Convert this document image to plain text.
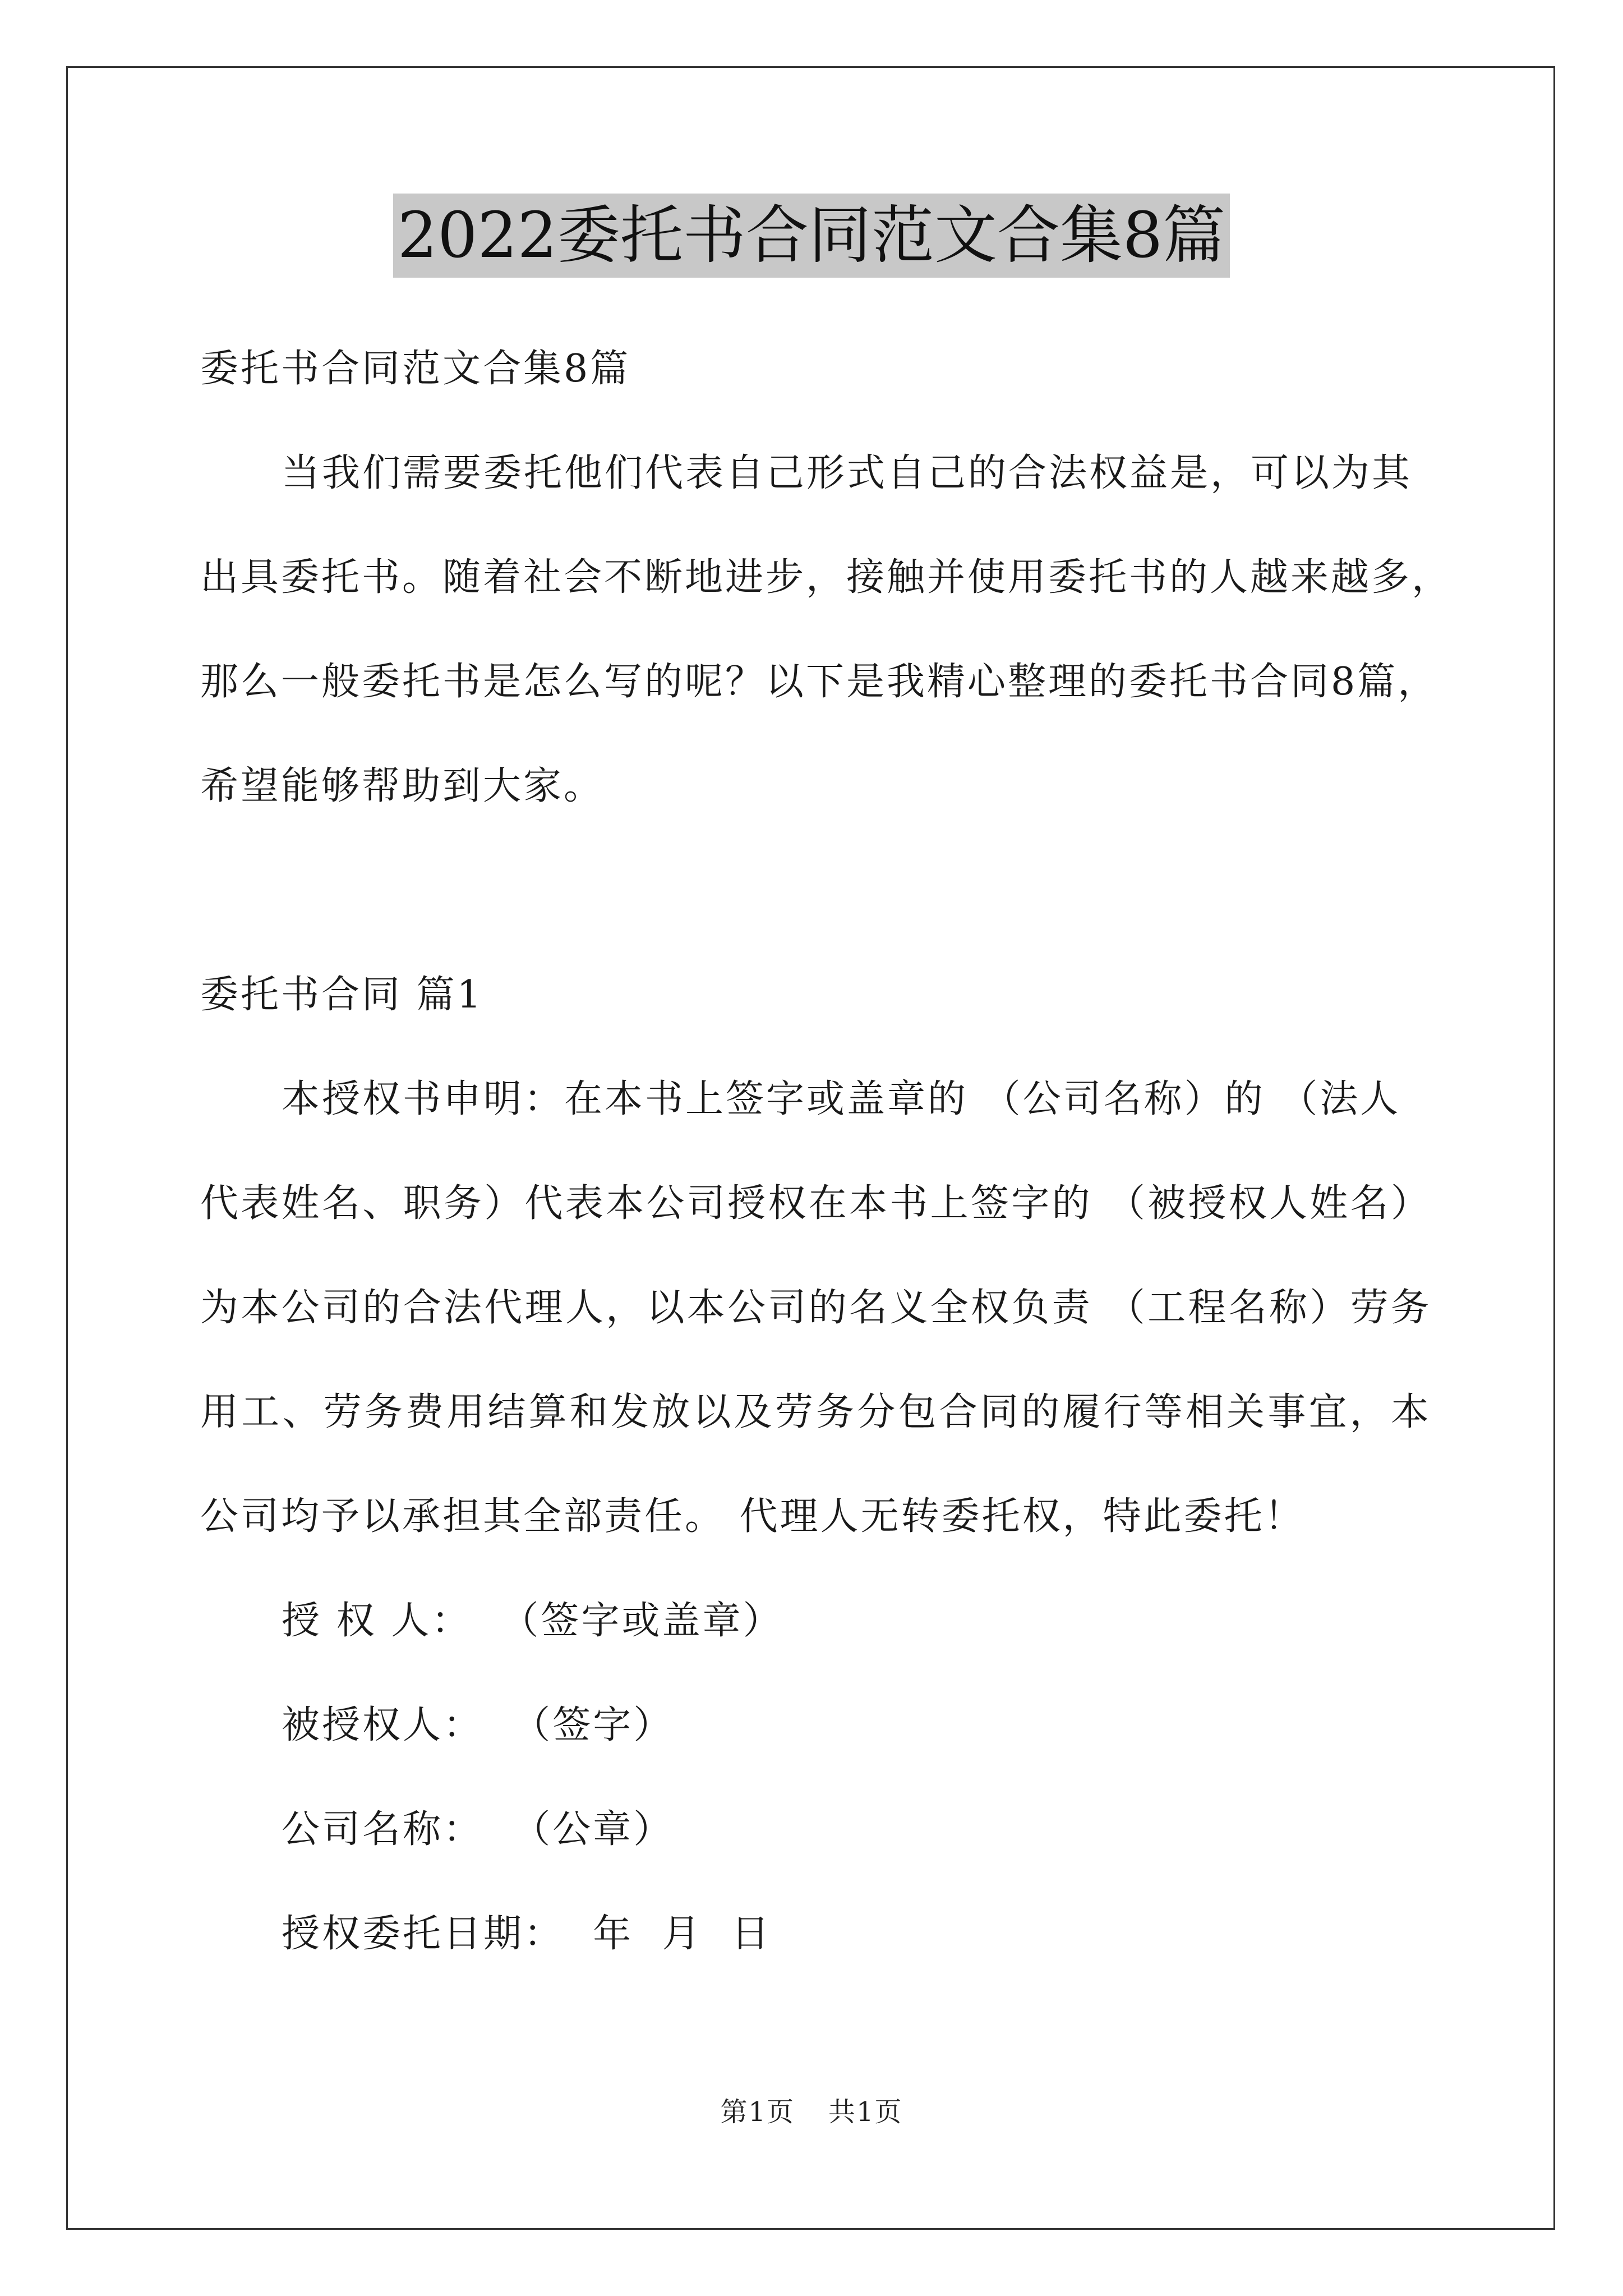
2022委托书合同范文合集8篇
委托书合同范文合集8篇
当我们需要委托他们代表自己形式自己的合法权益是，可以为其
出具委托书。随着社会不断地进步，接触并使用委托书的人越来越多，
那么一般委托书是怎么写的呢？以下是我精心整理的委托书合同8篇，
希望能够帮助到大家。
委托书合同 篇1
本授权书申明：在本书上签字或盖章的 （公司名称）的 （法人
代表姓名、职务）代表本公司授权在本书上签字的 （被授权人姓名）
为本公司的合法代理人，以本公司的名义全权负责 （工程名称）劳务
用工、劳务费用结算和发放以及劳务分包合同的履行等相关事宜，本
公司均予以承担其全部责任。 代理人无转委托权，特此委托！
授 权 人：  （签字或盖章）
被授权人：  （签字）
公司名称：  （公章）
授权委托日期：  年  月  日
第1页 共1页
